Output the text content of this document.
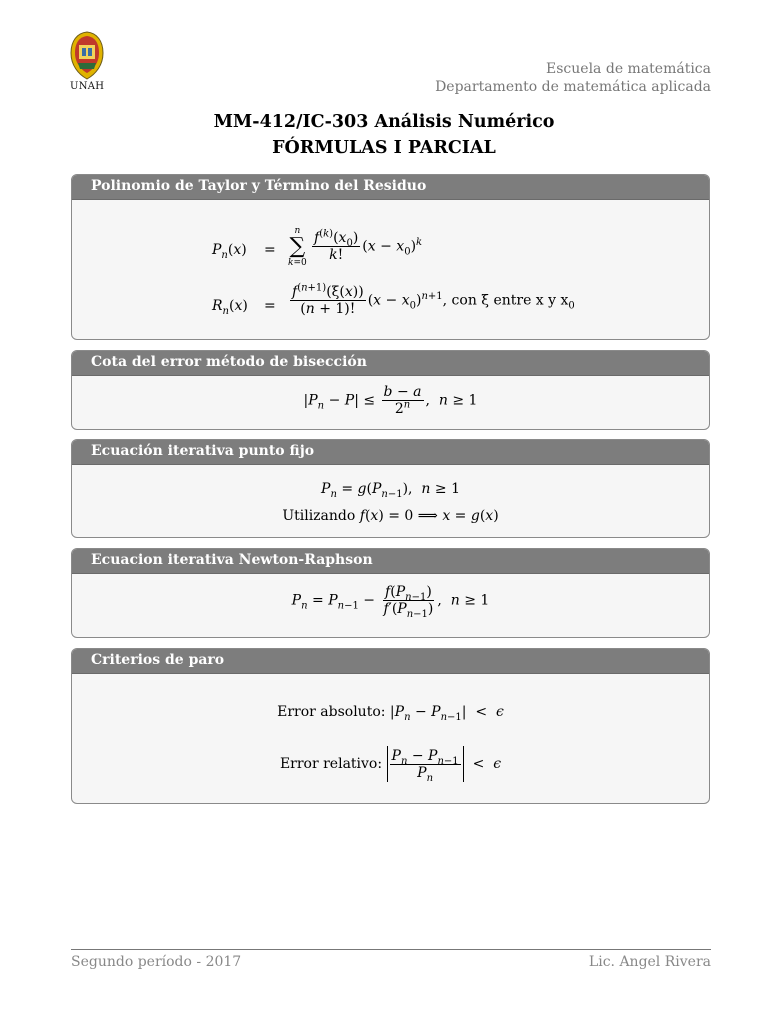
UNAH
Escuela de matemática
Departamento de matemática aplicada
MM-412/IC-303 Análisis Numérico
FÓRMULAS I PARCIAL
Polinomio de Taylor y Término del Residuo
$P_n(x)$ =
n
∑
$k=0 \frac{f^{(k)}(x_0)}{k!} (x - x_0)^k$
$R_n(x) = \frac{f^{(n+1)}(\xi(x))}{(n + 1)!} (x - x_0)^{n+1}$, con ξ entre x y $x_0$
Cota del error método de bisección
$|P_n - P| \le \frac{b - a}{2^n}$ ,  n ≥ 1
Ecuación iterativa punto fijo
$P_n = g(P_{n-1})$,  n ≥ 1
Utilizando f(x) = 0 ⟹ x = g(x)
Ecuacion iterativa Newton-Raphson
$P_n = P_{n-1} - \frac{f(P_{n-1})}{f'(P_{n-1})}$ ,  n ≥ 1
Criterios de paro
Error absoluto: $|P_n - P_{n-1}| < \epsilon$
Error relativo: $\frac{P_n - P_{n-1}}{P_n} < \epsilon$
Segundo período - 2017	Lic. Angel Rivera
